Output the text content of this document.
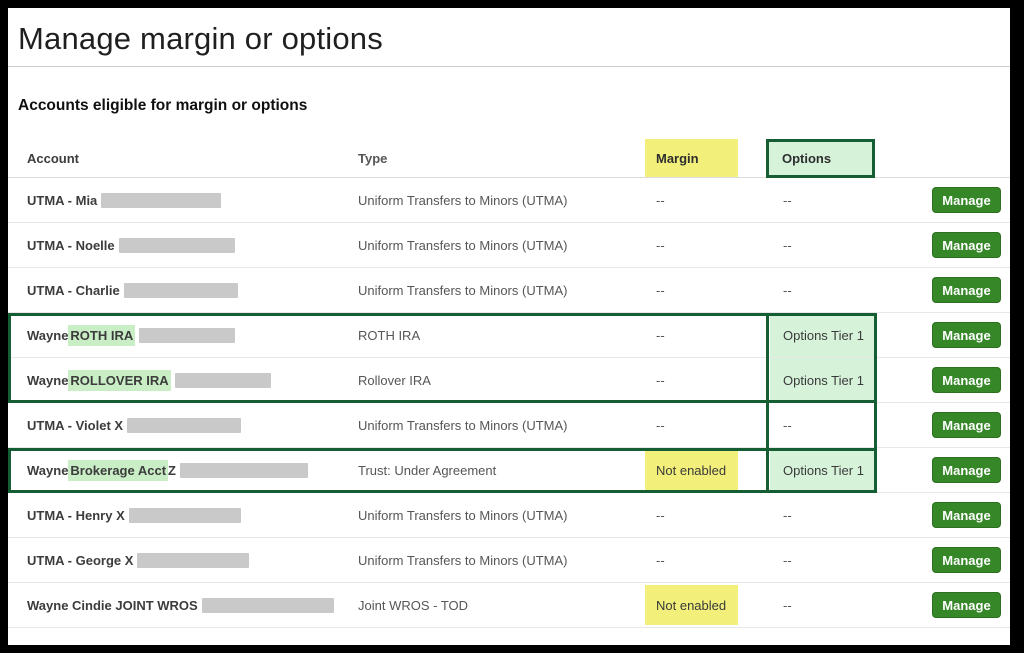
Manage margin or options
Accounts eligible for margin or options
Account	Type	Margin	Options
UTMA - Mia	Uniform Transfers to Minors (UTMA)	--	--	Manage
UTMA - Noelle	Uniform Transfers to Minors (UTMA)	--	--	Manage
UTMA - Charlie	Uniform Transfers to Minors (UTMA)	--	--	Manage
Wayne ROTH IRA	ROTH IRA	--	Options Tier 1	Manage
Wayne ROLLOVER IRA	Rollover IRA	--	Options Tier 1	Manage
UTMA - Violet X	Uniform Transfers to Minors (UTMA)	--	--	Manage
Wayne Brokerage Acct Z	Trust: Under Agreement	Not enabled	Options Tier 1	Manage
UTMA - Henry X	Uniform Transfers to Minors (UTMA)	--	--	Manage
UTMA - George X	Uniform Transfers to Minors (UTMA)	--	--	Manage
Wayne Cindie JOINT WROS	Joint WROS - TOD	Not enabled	--	Manage
